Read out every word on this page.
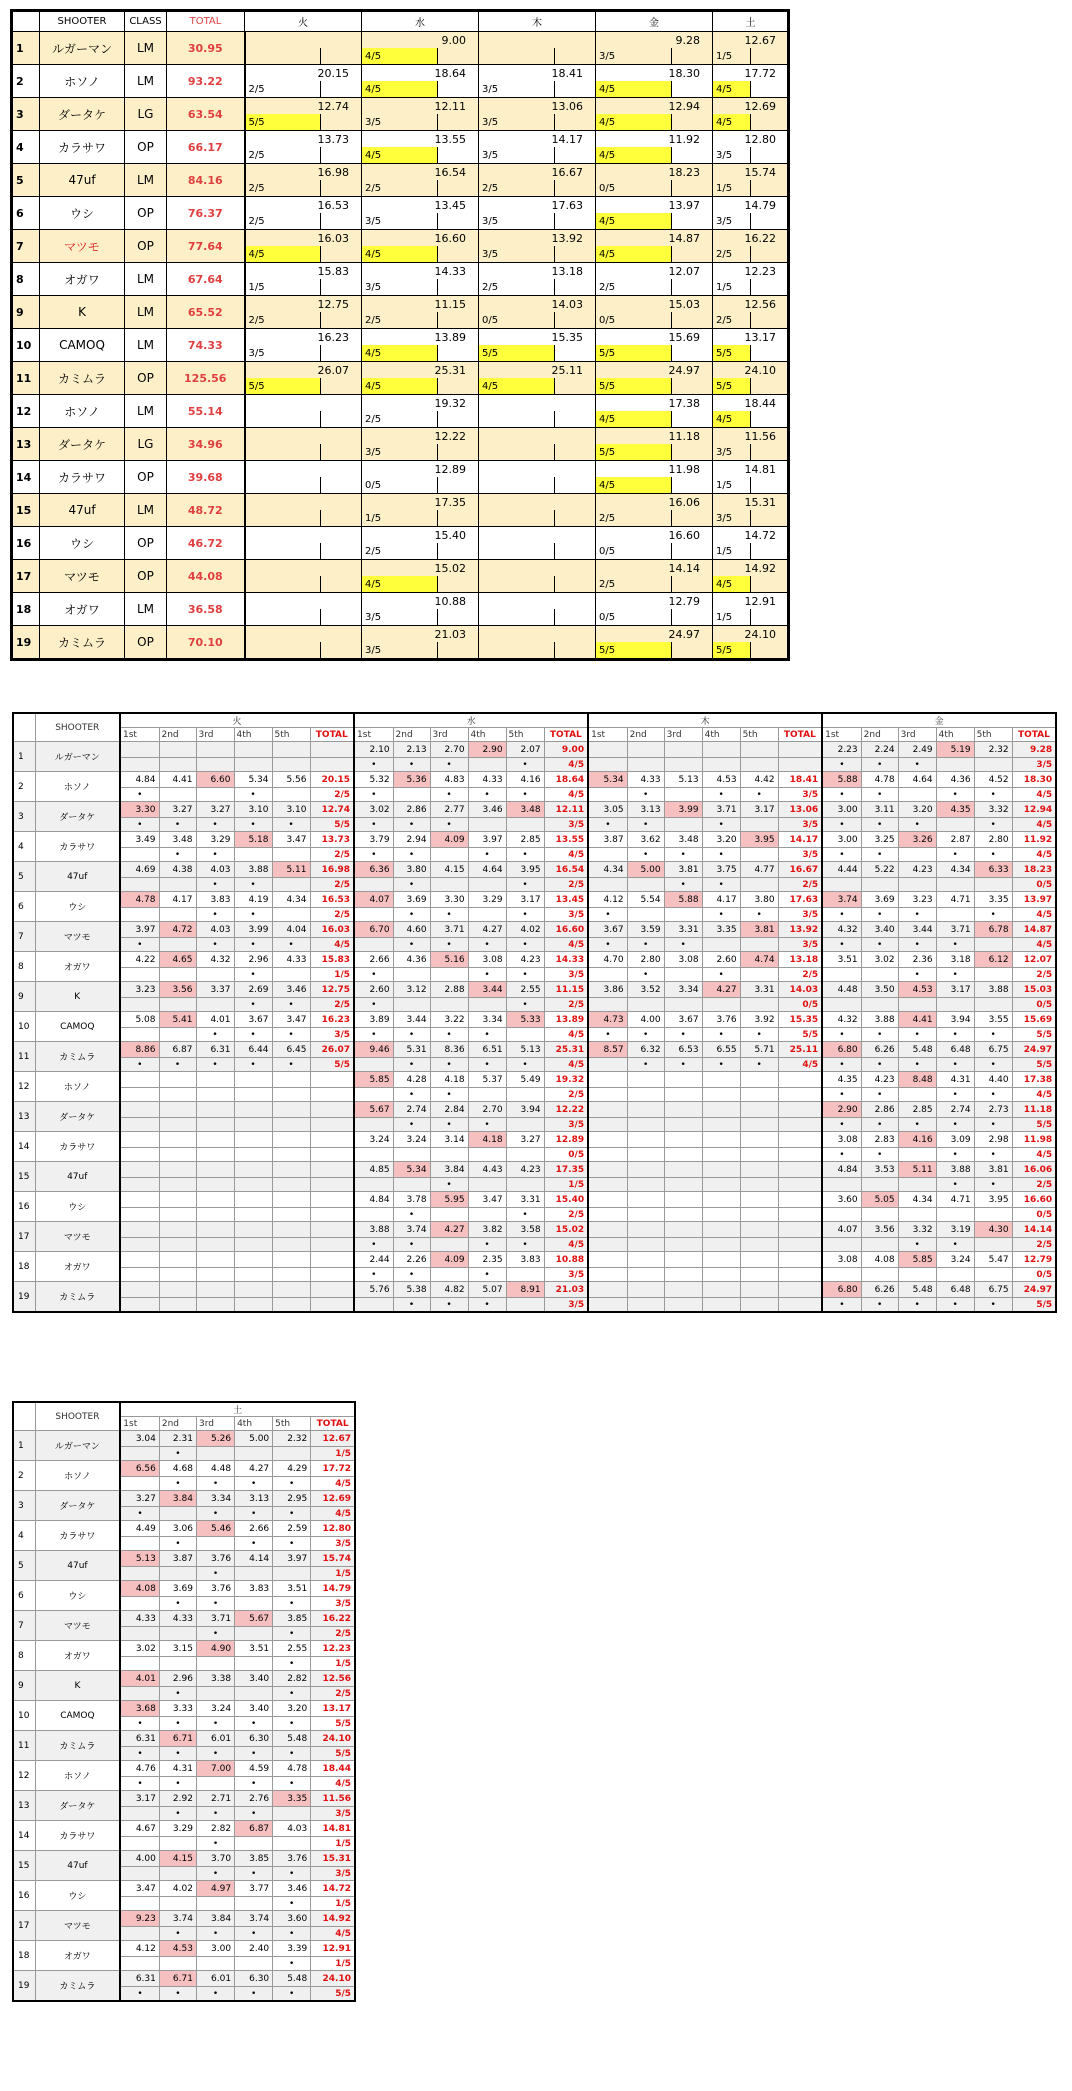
	SHOOTER	CLASS	TOTAL	火		水		木		金		土		
1	ルガーマン	LM	30.95			9.00				9.28		12.67		
						4/5				3/5		1/5		
2	ホソノ	LM	93.22	20.15		18.64		18.41		18.30		17.72		
				2/5		4/5		3/5		4/5		4/5		
3	ダータケ	LG	63.54	12.74		12.11		13.06		12.94		12.69		
				5/5		3/5		3/5		4/5		4/5		
4	カラサワ	OP	66.17	13.73		13.55		14.17		11.92		12.80		
				2/5		4/5		3/5		4/5		3/5		
5	47uf	LM	84.16	16.98		16.54		16.67		18.23		15.74		
				2/5		2/5		2/5		0/5		1/5		
6	ウシ	OP	76.37	16.53		13.45		17.63		13.97		14.79		
				2/5		3/5		3/5		4/5		3/5		
7	マツモ	OP	77.64	16.03		16.60		13.92		14.87		16.22		
				4/5		4/5		3/5		4/5		2/5		
8	オガワ	LM	67.64	15.83		14.33		13.18		12.07		12.23		
				1/5		3/5		2/5		2/5		1/5		
9	K	LM	65.52	12.75		11.15		14.03		15.03		12.56		
				2/5		2/5		0/5		0/5		2/5		
10	CAMOQ	LM	74.33	16.23		13.89		15.35		15.69		13.17		
				3/5		4/5		5/5		5/5		5/5		
11	カミムラ	OP	125.56	26.07		25.31		25.11		24.97		24.10		
				5/5		4/5		4/5		5/5		5/5		
12	ホソノ	LM	55.14			19.32				17.38		18.44		
						2/5				4/5		4/5		
13	ダータケ	LG	34.96			12.22				11.18		11.56		
						3/5				5/5		3/5		
14	カラサワ	OP	39.68			12.89				11.98		14.81		
						0/5				4/5		1/5		
15	47uf	LM	48.72			17.35				16.06		15.31		
						1/5				2/5		3/5		
16	ウシ	OP	46.72			15.40				16.60		14.72		
						2/5				0/5		1/5		
17	マツモ	OP	44.08			15.02				14.14		14.92		
						4/5				2/5		4/5		
18	オガワ	LM	36.58			10.88				12.79		12.91		
						3/5				0/5		1/5		
19	カミムラ	OP	70.10			21.03				24.97		24.10		
						3/5				5/5		5/5		
	SHOOTER	火						水						木						金					
		1st	2nd	3rd	4th	5th	TOTAL	1st	2nd	3rd	4th	5th	TOTAL	1st	2nd	3rd	4th	5th	TOTAL	1st	2nd	3rd	4th	5th	TOTAL
1	ルガーマン							2.10	2.13	2.70	2.90	2.07	9.00							2.23	2.24	2.49	5.19	2.32	9.28
								•	•	•		•	4/5							•	•	•			3/5
2	ホソノ	4.84	4.41	6.60	5.34	5.56	20.15	5.32	5.36	4.83	4.33	4.16	18.64	5.34	4.33	5.13	4.53	4.42	18.41	5.88	4.78	4.64	4.36	4.52	18.30
		•			•		2/5	•		•	•	•	4/5		•		•	•	3/5	•	•		•	•	4/5
3	ダータケ	3.30	3.27	3.27	3.10	3.10	12.74	3.02	2.86	2.77	3.46	3.48	12.11	3.05	3.13	3.99	3.71	3.17	13.06	3.00	3.11	3.20	4.35	3.32	12.94
		•	•	•	•	•	5/5	•	•	•			3/5	•	•		•		3/5	•	•	•		•	4/5
4	カラサワ	3.49	3.48	3.29	5.18	3.47	13.73	3.79	2.94	4.09	3.97	2.85	13.55	3.87	3.62	3.48	3.20	3.95	14.17	3.00	3.25	3.26	2.87	2.80	11.92
			•	•			2/5	•	•		•	•	4/5		•	•	•		3/5	•	•		•	•	4/5
5	47uf	4.69	4.38	4.03	3.88	5.11	16.98	6.36	3.80	4.15	4.64	3.95	16.54	4.34	5.00	3.81	3.75	4.77	16.67	4.44	5.22	4.23	4.34	6.33	18.23
				•	•		2/5		•			•	2/5			•	•		2/5						0/5
6	ウシ	4.78	4.17	3.83	4.19	4.34	16.53	4.07	3.69	3.30	3.29	3.17	13.45	4.12	5.54	5.88	4.17	3.80	17.63	3.74	3.69	3.23	4.71	3.35	13.97
				•	•		2/5		•	•		•	3/5	•			•	•	3/5	•	•	•		•	4/5
7	マツモ	3.97	4.72	4.03	3.99	4.04	16.03	6.70	4.60	3.71	4.27	4.02	16.60	3.67	3.59	3.31	3.35	3.81	13.92	4.32	3.40	3.44	3.71	6.78	14.87
		•		•	•	•	4/5		•	•	•	•	4/5	•	•	•			3/5	•	•	•	•		4/5
8	オガワ	4.22	4.65	4.32	2.96	4.33	15.83	2.66	4.36	5.16	3.08	4.23	14.33	4.70	2.80	3.08	2.60	4.74	13.18	3.51	3.02	2.36	3.18	6.12	12.07
					•		1/5	•			•	•	3/5		•		•		2/5			•	•		2/5
9	K	3.23	3.56	3.37	2.69	3.46	12.75	2.60	3.12	2.88	3.44	2.55	11.15	3.86	3.52	3.34	4.27	3.31	14.03	4.48	3.50	4.53	3.17	3.88	15.03
					•	•	2/5	•				•	2/5						0/5						0/5
10	CAMOQ	5.08	5.41	4.01	3.67	3.47	16.23	3.89	3.44	3.22	3.34	5.33	13.89	4.73	4.00	3.67	3.76	3.92	15.35	4.32	3.88	4.41	3.94	3.55	15.69
				•	•	•	3/5	•	•	•	•		4/5	•	•	•	•	•	5/5	•	•	•	•	•	5/5
11	カミムラ	8.86	6.87	6.31	6.44	6.45	26.07	9.46	5.31	8.36	6.51	5.13	25.31	8.57	6.32	6.53	6.55	5.71	25.11	6.80	6.26	5.48	6.48	6.75	24.97
		•	•	•	•	•	5/5		•	•	•	•	4/5		•	•	•	•	4/5	•	•	•	•	•	5/5
12	ホソノ							5.85	4.28	4.18	5.37	5.49	19.32							4.35	4.23	8.48	4.31	4.40	17.38
									•	•			2/5							•	•		•	•	4/5
13	ダータケ							5.67	2.74	2.84	2.70	3.94	12.22							2.90	2.86	2.85	2.74	2.73	11.18
									•	•	•		3/5							•	•	•	•	•	5/5
14	カラサワ							3.24	3.24	3.14	4.18	3.27	12.89							3.08	2.83	4.16	3.09	2.98	11.98
													0/5							•	•		•	•	4/5
15	47uf							4.85	5.34	3.84	4.43	4.23	17.35							4.84	3.53	5.11	3.88	3.81	16.06
										•			1/5										•	•	2/5
16	ウシ							4.84	3.78	5.95	3.47	3.31	15.40							3.60	5.05	4.34	4.71	3.95	16.60
									•			•	2/5												0/5
17	マツモ							3.88	3.74	4.27	3.82	3.58	15.02							4.07	3.56	3.32	3.19	4.30	14.14
								•	•		•	•	4/5									•	•		2/5
18	オガワ							2.44	2.26	4.09	2.35	3.83	10.88							3.08	4.08	5.85	3.24	5.47	12.79
								•	•		•		3/5												0/5
19	カミムラ							5.76	5.38	4.82	5.07	8.91	21.03							6.80	6.26	5.48	6.48	6.75	24.97
									•	•	•		3/5							•	•	•	•	•	5/5
	SHOOTER	土					
		1st	2nd	3rd	4th	5th	TOTAL
1	ルガーマン	3.04	2.31	5.26	5.00	2.32	12.67
			•				1/5
2	ホソノ	6.56	4.68	4.48	4.27	4.29	17.72
			•	•	•	•	4/5
3	ダータケ	3.27	3.84	3.34	3.13	2.95	12.69
		•		•	•	•	4/5
4	カラサワ	4.49	3.06	5.46	2.66	2.59	12.80
			•		•	•	3/5
5	47uf	5.13	3.87	3.76	4.14	3.97	15.74
				•			1/5
6	ウシ	4.08	3.69	3.76	3.83	3.51	14.79
			•	•		•	3/5
7	マツモ	4.33	4.33	3.71	5.67	3.85	16.22
				•		•	2/5
8	オガワ	3.02	3.15	4.90	3.51	2.55	12.23
						•	1/5
9	K	4.01	2.96	3.38	3.40	2.82	12.56
			•			•	2/5
10	CAMOQ	3.68	3.33	3.24	3.40	3.20	13.17
		•	•	•	•	•	5/5
11	カミムラ	6.31	6.71	6.01	6.30	5.48	24.10
		•	•	•	•	•	5/5
12	ホソノ	4.76	4.31	7.00	4.59	4.78	18.44
		•	•		•	•	4/5
13	ダータケ	3.17	2.92	2.71	2.76	3.35	11.56
			•	•	•		3/5
14	カラサワ	4.67	3.29	2.82	6.87	4.03	14.81
				•			1/5
15	47uf	4.00	4.15	3.70	3.85	3.76	15.31
				•	•	•	3/5
16	ウシ	3.47	4.02	4.97	3.77	3.46	14.72
						•	1/5
17	マツモ	9.23	3.74	3.84	3.74	3.60	14.92
			•	•	•	•	4/5
18	オガワ	4.12	4.53	3.00	2.40	3.39	12.91
						•	1/5
19	カミムラ	6.31	6.71	6.01	6.30	5.48	24.10
		•	•	•	•	•	5/5
